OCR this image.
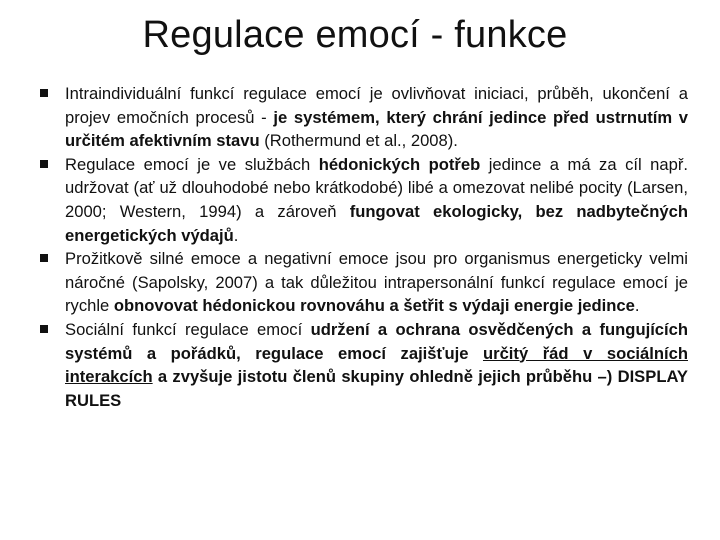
Regulace emocí - funkce
Intraindividuální funkcí regulace emocí je ovlivňovat iniciaci, průběh, ukončení a projev emočních procesů - je systémem, který chrání jedince před ustrnutím v určitém afektivním stavu (Rothermund et al., 2008).
Regulace emocí je ve službách hédonických potřeb jedince a má za cíl např. udržovat (ať už dlouhodobé nebo krátkodobé) libé a omezovat nelibé pocity (Larsen, 2000; Western, 1994) a zároveň fungovat ekologicky, bez nadbytečných energetických výdajů.
Prožitkově silné emoce a negativní emoce jsou pro organismus energeticky velmi náročné (Sapolsky, 2007) a tak důležitou intrapersonální funkcí regulace emocí je rychle obnovovat hédonickou rovnováhu a šetřit s výdaji energie jedince.
Sociální funkcí regulace emocí udržení a ochrana osvědčených a fungujících systémů a pořádků, regulace emocí zajišťuje určitý řád v sociálních interakcích a zvyšuje jistotu členů skupiny ohledně jejich průběhu –) DISPLAY RULES
